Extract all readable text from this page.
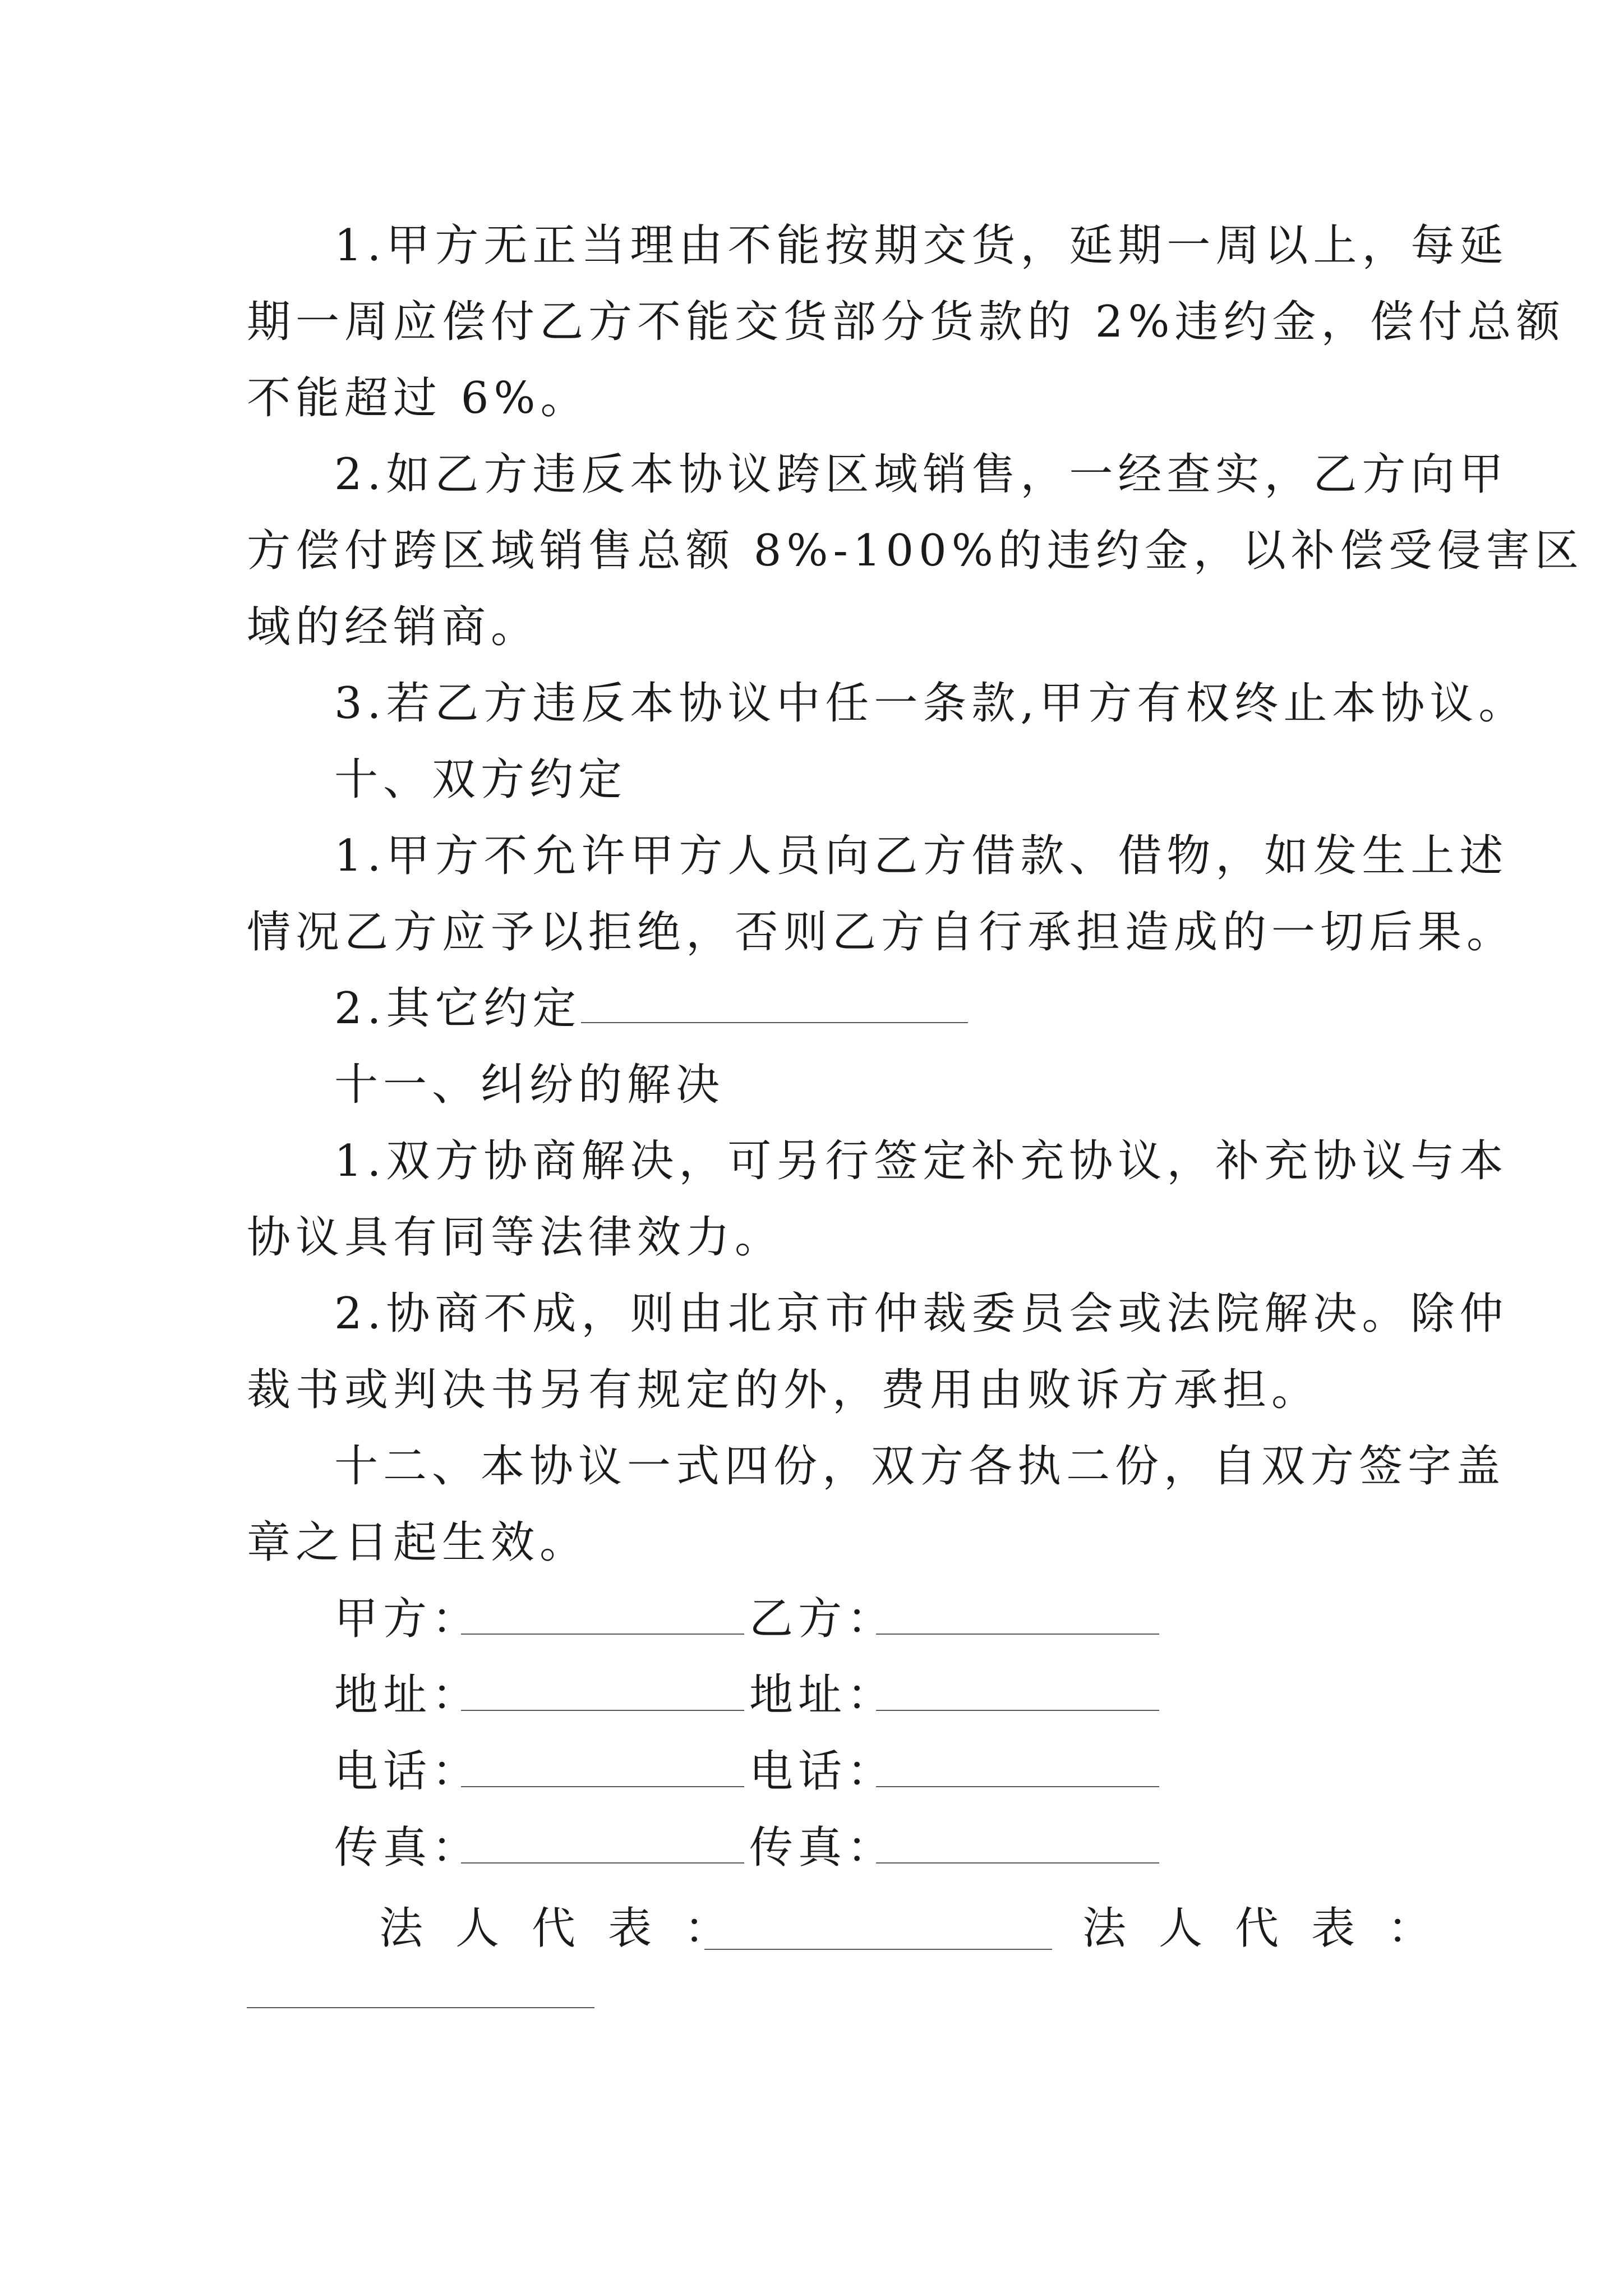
1.甲方无正当理由不能按期交货，延期一周以上，每延
期一周应偿付乙方不能交货部分货款的 2%违约金，偿付总额
不能超过 6%。
2.如乙方违反本协议跨区域销售，一经查实，乙方向甲
方偿付跨区域销售总额 8%-100%的违约金，以补偿受侵害区
域的经销商。
3.若乙方违反本协议中任一条款,甲方有权终止本协议。
十、双方约定
1.甲方不允许甲方人员向乙方借款、借物，如发生上述
情况乙方应予以拒绝，否则乙方自行承担造成的一切后果。
2.其它约定
十一、纠纷的解决
1.双方协商解决，可另行签定补充协议，补充协议与本
协议具有同等法律效力。
2.协商不成，则由北京市仲裁委员会或法院解决。除仲
裁书或判决书另有规定的外，费用由败诉方承担。
十二、本协议一式四份，双方各执二份，自双方签字盖
章之日起生效。
甲方：	乙方：
地址：	地址：
电话：	电话：
传真：	传真：
法人代表：	法人代表：
